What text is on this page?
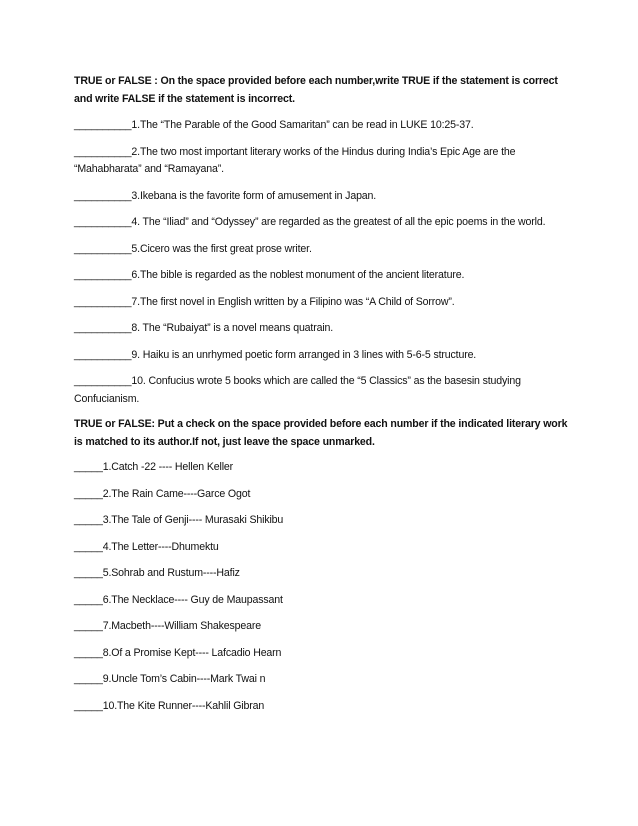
TRUE or FALSE : On the space provided before each number,write TRUE if the statement is correct and write FALSE if the statement is incorrect.

__________1.The “The Parable of the Good Samaritan” can be read in LUKE 10:25-37.

__________2.The two most important literary works of the Hindus during India’s Epic Age are the “Mahabharata” and “Ramayana”.

__________3.Ikebana is the favorite form of amusement in Japan.

__________4. The “Iliad” and “Odyssey” are regarded as the greatest of all the epic poems in the world.

__________5.Cicero was the first great prose writer.

__________6.The bible is regarded as the noblest monument of the ancient literature.

__________7.The first novel in English written by a Filipino was “A Child of Sorrow”.

__________8. The “Rubaiyat” is a novel means quatrain.

__________9. Haiku is an unrhymed poetic form arranged in 3 lines with 5-6-5 structure.

__________10. Confucius wrote 5 books which are called the “5 Classics” as the basesin studying Confucianism.

TRUE or FALSE: Put a check on the space provided before each number if the indicated literary work is matched to its author.If not, just leave the space unmarked.

_____1.Catch -22 ---- Hellen Keller

_____2.The Rain Came----Garce Ogot

_____3.The Tale of Genji---- Murasaki Shikibu

_____4.The Letter----Dhumektu

_____5.Sohrab and Rustum----Hafiz

_____6.The Necklace---- Guy de Maupassant

_____7.Macbeth----William Shakespeare

_____8.Of a Promise Kept---- Lafcadio Hearn

_____9.Uncle Tom’s Cabin----Mark Twai n

_____10.The Kite Runner----Kahlil Gibran
